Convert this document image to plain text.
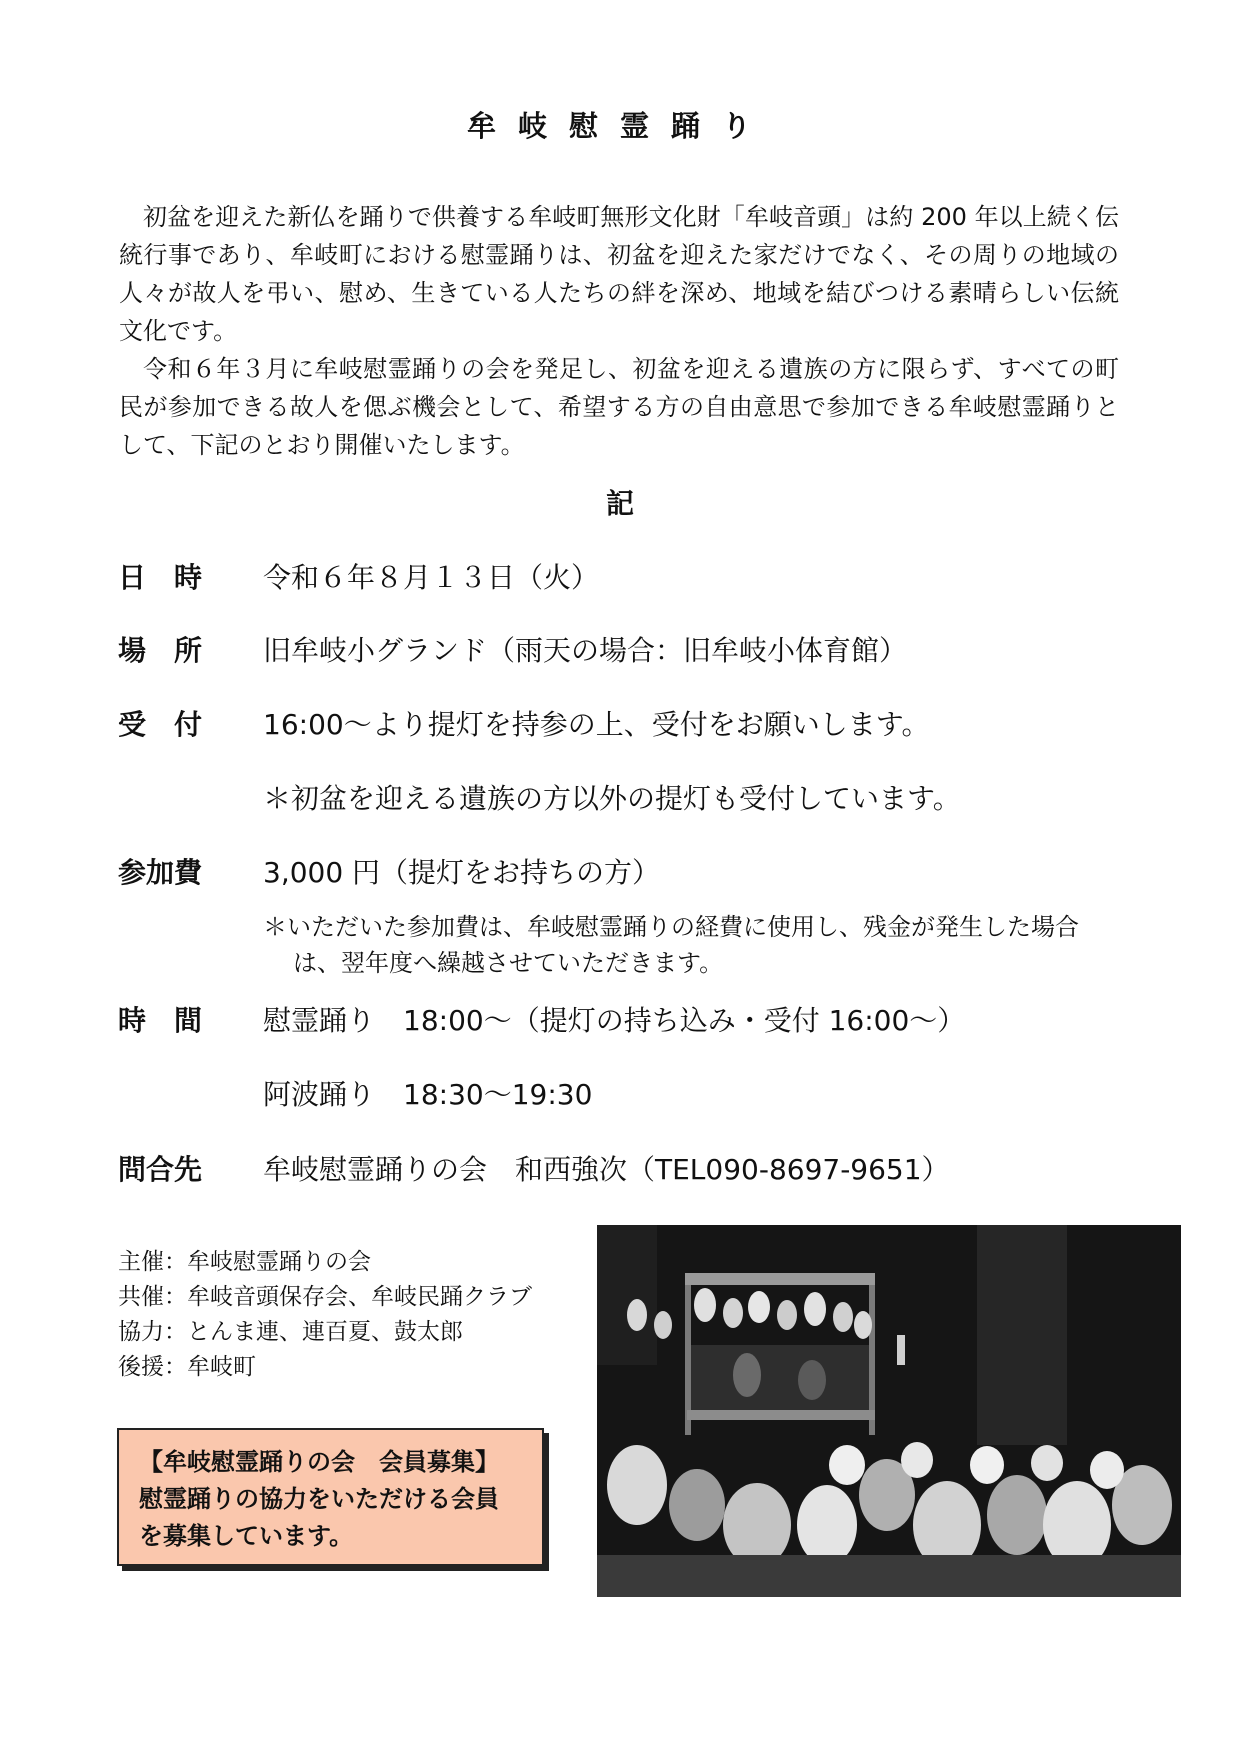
牟岐慰霊踊り

初盆を迎えた新仏を踊りで供養する牟岐町無形文化財「牟岐音頭」は約 200 年以上続く伝統行事であり、牟岐町における慰霊踊りは、初盆を迎えた家だけでなく、その周りの地域の人々が故人を弔い、慰め、生きている人たちの絆を深め、地域を結びつける素晴らしい伝統文化です。

令和６年３月に牟岐慰霊踊りの会を発足し、初盆を迎える遺族の方に限らず、すべての町民が参加できる故人を偲ぶ機会として、希望する方の自由意思で参加できる牟岐慰霊踊りとして、下記のとおり開催いたします。

記
日　時	令和６年８月１３日（火）
場　所	旧牟岐小グランド（雨天の場合：旧牟岐小体育館）
受　付	16:00～より提灯を持参の上、受付をお願いします。
＊初盆を迎える遺族の方以外の提灯も受付しています。
参加費	3,000 円（提灯をお持ちの方）

＊いただいた参加費は、牟岐慰霊踊りの経費に使用し、残金が発生した場合は、翌年度へ繰越させていただきます。

時　間	慰霊踊り　18:00～（提灯の持ち込み・受付 16:00～）
阿波踊り　18:30～19:30
問合先	牟岐慰霊踊りの会　和西強次（TEL090-8697-9651）
主催：牟岐慰霊踊りの会
共催：牟岐音頭保存会、牟岐民踊クラブ
協力：とんま連、連百夏、鼓太郎
後援：牟岐町
【牟岐慰霊踊りの会　会員募集】
慰霊踊りの協力をいただける会員
を募集しています。
